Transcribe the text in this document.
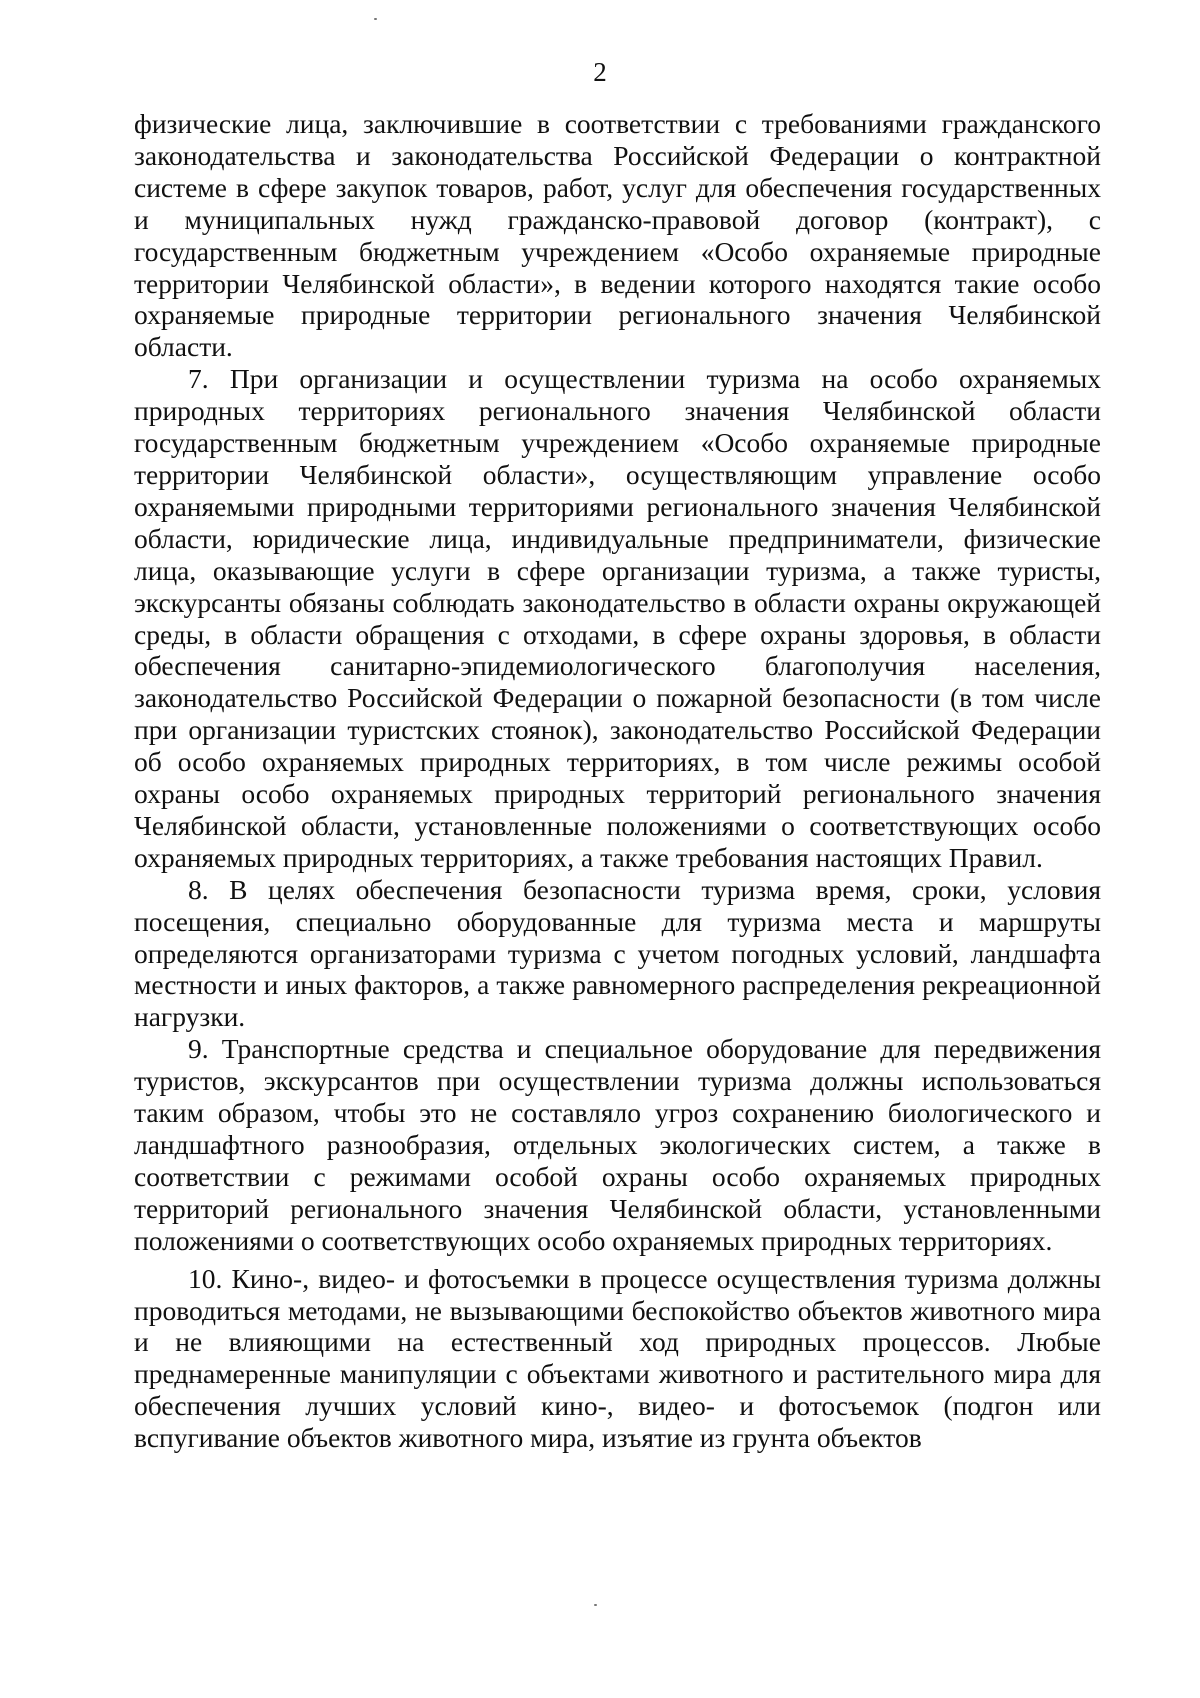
2

физические лица, заключившие в соответствии с требованиями гражданского законодательства и законодательства Российской Федерации о контрактной системе в сфере закупок товаров, работ, услуг для обеспечения государственных и муниципальных нужд гражданско-правовой договор (контракт), с государственным бюджетным учреждением «Особо охраняемые природные территории Челябинской области», в ведении которого находятся такие особо охраняемые природные территории регионального значения Челябинской области.

7. При организации и осуществлении туризма на особо охраняемых природных территориях регионального значения Челябинской области государственным бюджетным учреждением «Особо охраняемые природные территории Челябинской области», осуществляющим управление особо охраняемыми природными территориями регионального значения Челябинской области, юридические лица, индивидуальные предприниматели, физические лица, оказывающие услуги в сфере организации туризма, а также туристы, экскурсанты обязаны соблюдать законодательство в области охраны окружающей среды, в области обращения с отходами, в сфере охраны здоровья, в области обеспечения санитарно-эпидемиологического благополучия населения, законодательство Российской Федерации о пожарной безопасности (в том числе при организации туристских стоянок), законодательство Российской Федерации об особо охраняемых природных территориях, в том числе режимы особой охраны особо охраняемых природных территорий регионального значения Челябинской области, установленные положениями о соответствующих особо охраняемых природных территориях, а также требования настоящих Правил.

8. В целях обеспечения безопасности туризма время, сроки, условия посещения, специально оборудованные для туризма места и маршруты определяются организаторами туризма с учетом погодных условий, ландшафта местности и иных факторов, а также равномерного распределения рекреационной нагрузки.

9. Транспортные средства и специальное оборудование для передвижения туристов, экскурсантов при осуществлении туризма должны использоваться таким образом, чтобы это не составляло угроз сохранению биологического и ландшафтного разнообразия, отдельных экологических систем, а также в соответствии с режимами особой охраны особо охраняемых природных территорий регионального значения Челябинской области, установленными положениями о соответствующих особо охраняемых природных территориях.

10. Кино-, видео- и фотосъемки в процессе осуществления туризма должны проводиться методами, не вызывающими беспокойство объектов животного мира и не влияющими на естественный ход природных процессов. Любые преднамеренные манипуляции с объектами животного и растительного мира для обеспечения лучших условий кино-, видео- и фотосъемок (подгон или вспугивание объектов животного мира, изъятие из грунта объектов
